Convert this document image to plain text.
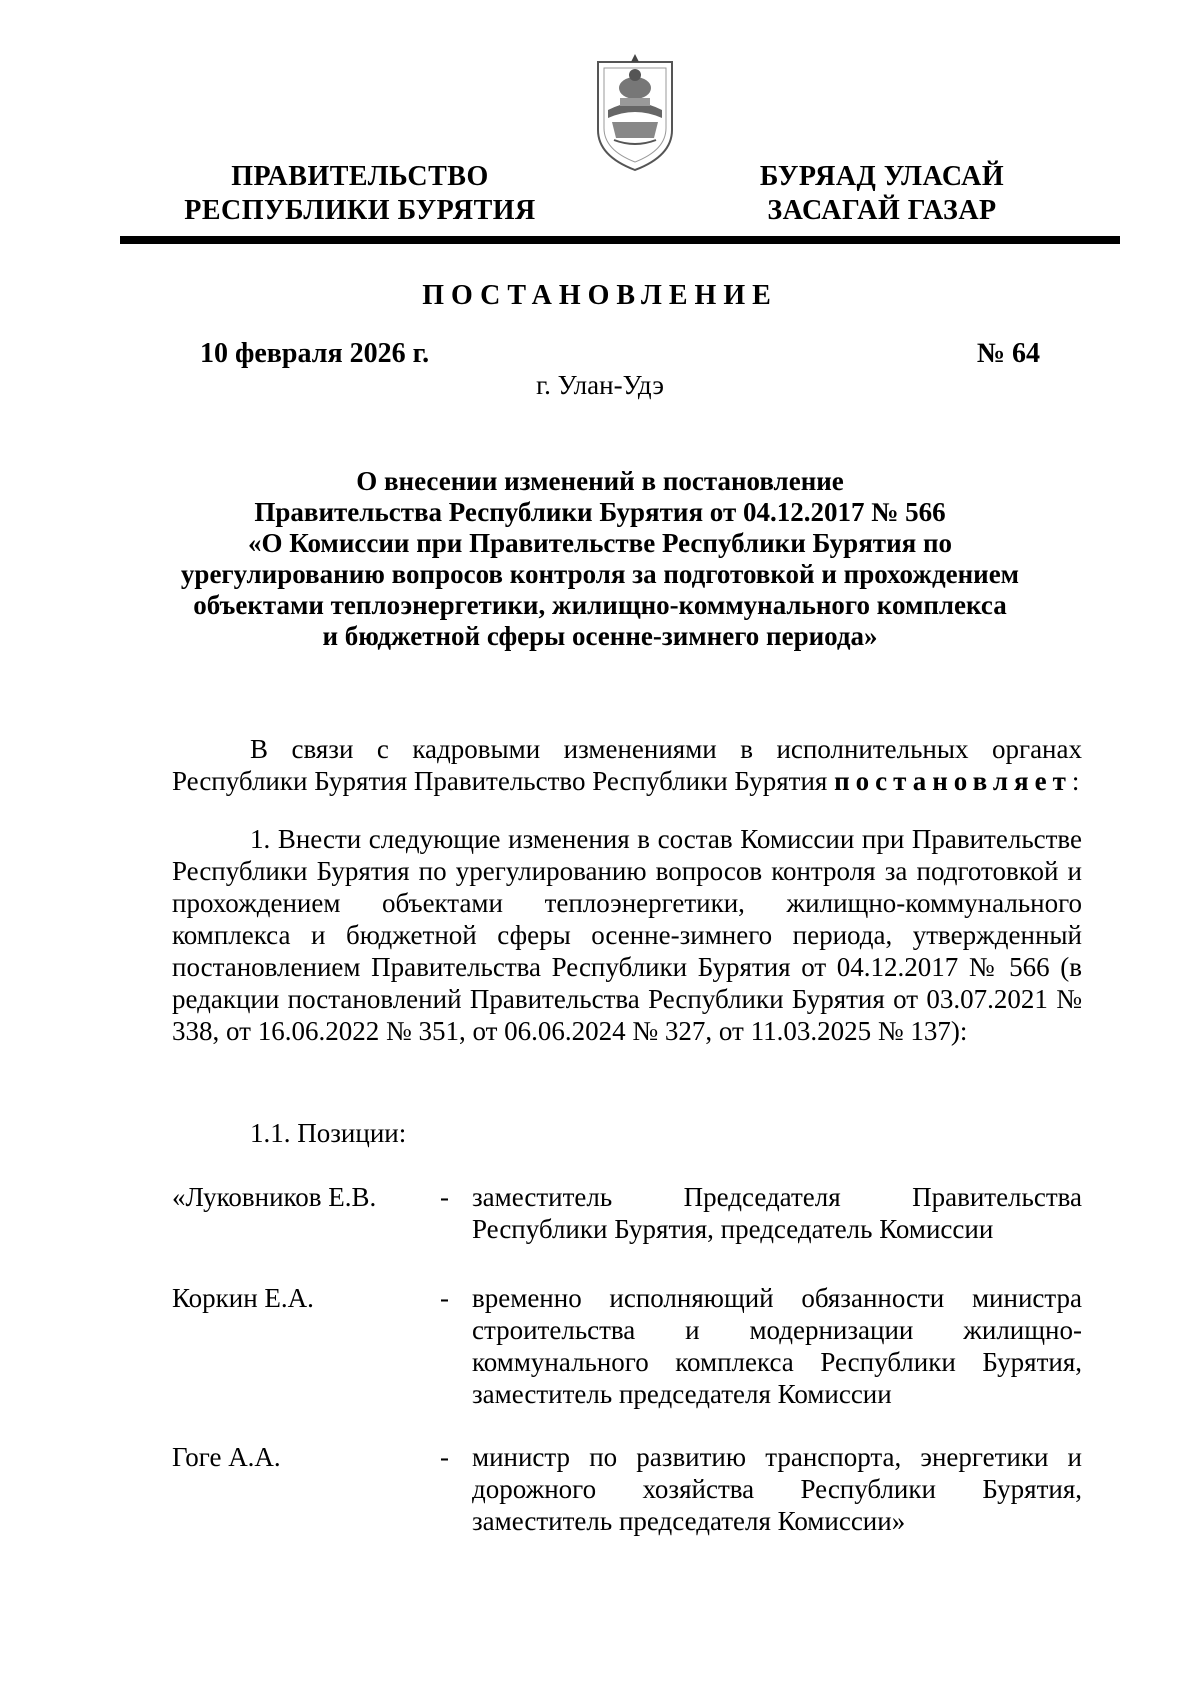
ПРАВИТЕЛЬСТВО
РЕСПУБЛИКИ БУРЯТИЯ
БУРЯАД УЛАСАЙ
ЗАСАГАЙ ГАЗАР
ПОСТАНОВЛЕНИЕ
10 февраля 2026 г.	№ 64
г. Улан-Удэ
О внесении изменений в постановление
Правительства Республики Бурятия от 04.12.2017 № 566
«О Комиссии при Правительстве Республики Бурятия по
урегулированию вопросов контроля за подготовкой и прохождением
объектами теплоэнергетики, жилищно-коммунального комплекса
и бюджетной сферы осенне-зимнего периода»
В связи с кадровыми изменениями в исполнительных органах Республики Бурятия Правительство Республики Бурятия постановляет:
1. Внести следующие изменения в состав Комиссии при Правительстве Республики Бурятия по урегулированию вопросов контроля за подготовкой и прохождением объектами теплоэнергетики, жилищно-коммунального комплекса и бюджетной сферы осенне-зимнего периода, утвержденный постановлением Правительства Республики Бурятия от 04.12.2017 № 566 (в редакции постановлений Правительства Республики Бурятия от 03.07.2021 № 338, от 16.06.2022 № 351, от 06.06.2024 № 327, от 11.03.2025 № 137):
1.1. Позиции:
«Луковников Е.В. - заместитель Председателя Правительства Республики Бурятия, председатель Комиссии
Коркин Е.А.	- временно исполняющий обязанности министра строительства и модернизации жилищно-коммунального комплекса Республики Бурятия, заместитель председателя Комиссии
Гоге А.А.	- министр по развитию транспорта, энергетики и дорожного хозяйства Республики Бурятия, заместитель председателя Комиссии»
